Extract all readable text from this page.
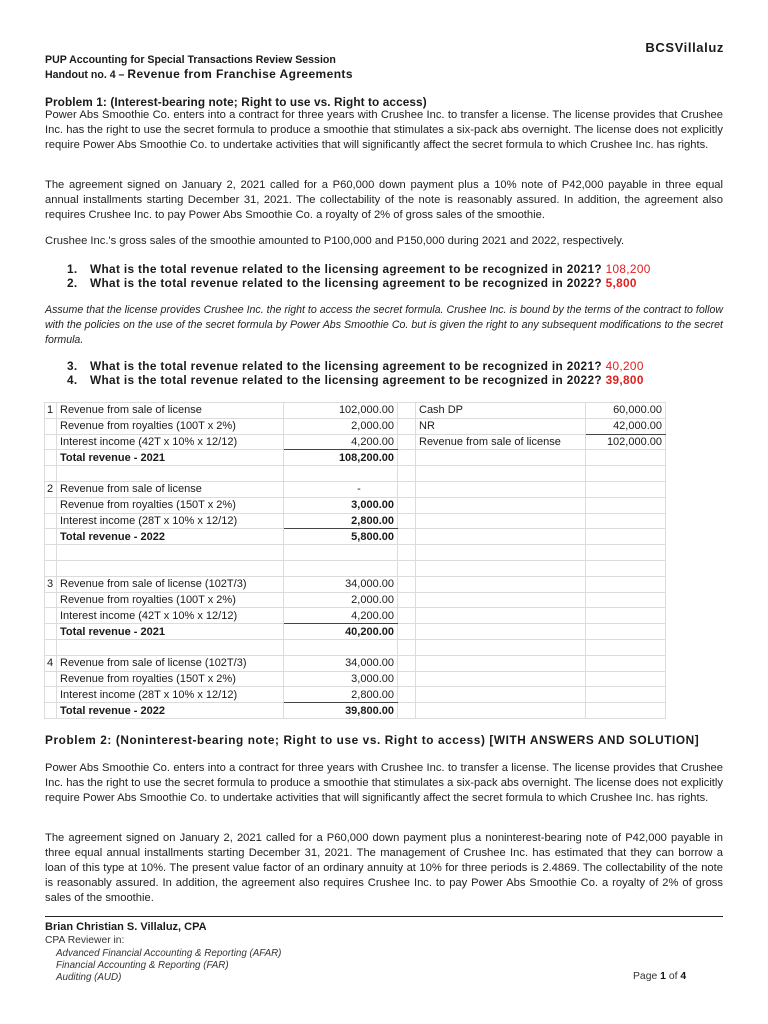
BCSVillaluz
PUP Accounting for Special Transactions Review Session
Handout no. 4 – Revenue from Franchise Agreements
Problem 1: (Interest-bearing note; Right to use vs. Right to access)
Power Abs Smoothie Co. enters into a contract for three years with Crushee Inc. to transfer a license. The license provides that Crushee Inc. has the right to use the secret formula to produce a smoothie that stimulates a six-pack abs overnight. The license does not explicitly require Power Abs Smoothie Co. to undertake activities that will significantly affect the secret formula to which Crushee Inc. has rights.
The agreement signed on January 2, 2021 called for a P60,000 down payment plus a 10% note of P42,000 payable in three equal annual installments starting December 31, 2021. The collectability of the note is reasonably assured. In addition, the agreement also requires Crushee Inc. to pay Power Abs Smoothie Co. a royalty of 2% of gross sales of the smoothie.
Crushee Inc.'s gross sales of the smoothie amounted to P100,000 and P150,000 during 2021 and 2022, respectively.
1. What is the total revenue related to the licensing agreement to be recognized in 2021? 108,200
2. What is the total revenue related to the licensing agreement to be recognized in 2022? 5,800
Assume that the license provides Crushee Inc. the right to access the secret formula. Crushee Inc. is bound by the terms of the contract to follow with the policies on the use of the secret formula by Power Abs Smoothie Co. but is given the right to any subsequent modifications to the secret formula.
3. What is the total revenue related to the licensing agreement to be recognized in 2021? 40,200
4. What is the total revenue related to the licensing agreement to be recognized in 2022? 39,800
1	Revenue from sale of license	102,000.00		Cash DP	60,000.00
	Revenue from royalties (100T x 2%)	2,000.00		NR	42,000.00
	Interest income (42T x 10% x 12/12)	4,200.00		Revenue from sale of license	102,000.00
	Total revenue - 2021	108,200.00			

2	Revenue from sale of license	-			
	Revenue from royalties (150T x 2%)	3,000.00			
	Interest income (28T x 10% x 12/12)	2,800.00			
	Total revenue - 2022	5,800.00			

3	Revenue from sale of license (102T/3)	34,000.00			
	Revenue from royalties (100T x 2%)	2,000.00			
	Interest income (42T x 10% x 12/12)	4,200.00			
	Total revenue - 2021	40,200.00			

4	Revenue from sale of license (102T/3)	34,000.00			
	Revenue from royalties (150T x 2%)	3,000.00			
	Interest income (28T x 10% x 12/12)	2,800.00			
	Total revenue - 2022	39,800.00			
Problem 2: (Noninterest-bearing note; Right to use vs. Right to access) [WITH ANSWERS AND SOLUTION]
Power Abs Smoothie Co. enters into a contract for three years with Crushee Inc. to transfer a license. The license provides that Crushee Inc. has the right to use the secret formula to produce a smoothie that stimulates a six-pack abs overnight. The license does not explicitly require Power Abs Smoothie Co. to undertake activities that will significantly affect the secret formula to which Crushee Inc. has rights.
The agreement signed on January 2, 2021 called for a P60,000 down payment plus a noninterest-bearing note of P42,000 payable in three equal annual installments starting December 31, 2021. The management of Crushee Inc. has estimated that they can borrow a loan of this type at 10%. The present value factor of an ordinary annuity at 10% for three periods is 2.4869. The collectability of the note is reasonably assured. In addition, the agreement also requires Crushee Inc. to pay Power Abs Smoothie Co. a royalty of 2% of gross sales of the smoothie.
Brian Christian S. Villaluz, CPA
CPA Reviewer in:
Advanced Financial Accounting & Reporting (AFAR)
Financial Accounting & Reporting (FAR)
Auditing (AUD)	Page 1 of 4
